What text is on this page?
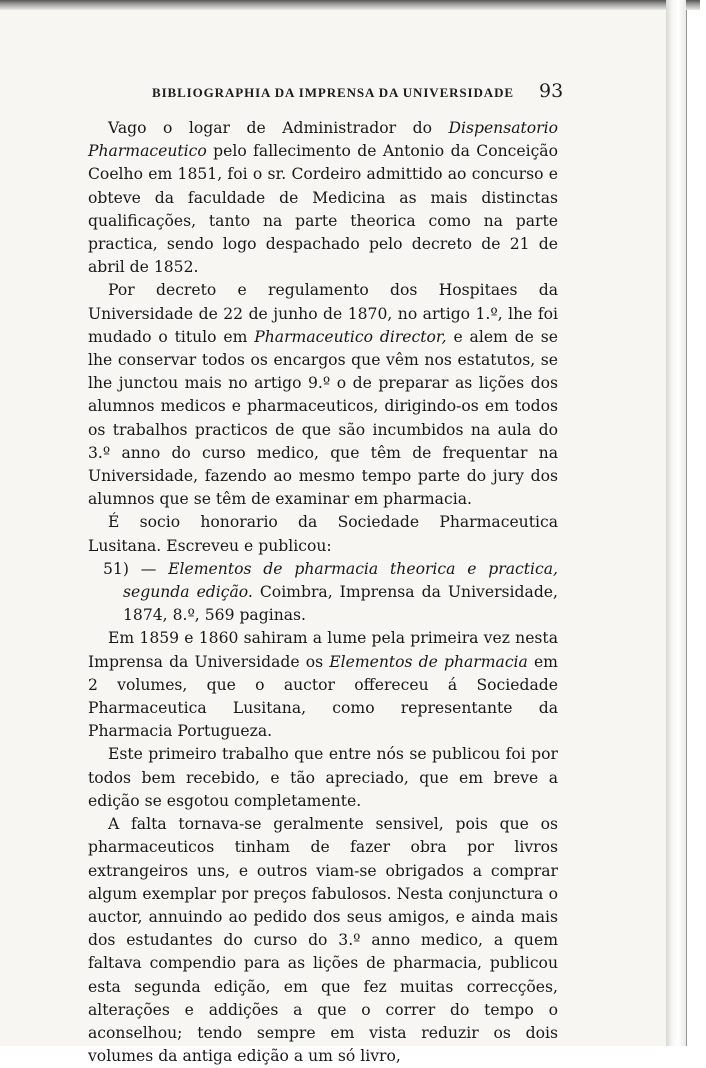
BIBLIOGRAPHIA DA IMPRENSA DA UNIVERSIDADE 93

Vago o logar de Administrador do Dispensatorio Pharmaceutico pelo fallecimento de Antonio da Conceição Coelho em 1851, foi o sr. Cordeiro admittido ao concurso e obteve da faculdade de Medicina as mais distinctas qualificações, tanto na parte theorica como na parte practica, sendo logo despachado pelo decreto de 21 de abril de 1852.

Por decreto e regulamento dos Hospitaes da Universidade de 22 de junho de 1870, no artigo 1.º, lhe foi mudado o titulo em Pharmaceutico director, e alem de se lhe conservar todos os encargos que vêm nos estatutos, se lhe junctou mais no artigo 9.º o de preparar as lições dos alumnos medicos e pharmaceuticos, dirigindo-os em todos os trabalhos practicos de que são incumbidos na aula do 3.º anno do curso medico, que têm de frequentar na Universidade, fazendo ao mesmo tempo parte do jury dos alumnos que se têm de examinar em pharmacia.

É socio honorario da Sociedade Pharmaceutica Lusitana. Escreveu e publicou:

51) — Elementos de pharmacia theorica e practica, segunda edição. Coimbra, Imprensa da Universidade, 1874, 8.º, 569 paginas.

Em 1859 e 1860 sahiram a lume pela primeira vez nesta Imprensa da Universidade os Elementos de pharmacia em 2 volumes, que o auctor offereceu á Sociedade Pharmaceutica Lusitana, como representante da Pharmacia Portugueza.

Este primeiro trabalho que entre nós se publicou foi por todos bem recebido, e tão apreciado, que em breve a edição se esgotou completamente.

A falta tornava-se geralmente sensivel, pois que os pharmaceuticos tinham de fazer obra por livros extrangeiros uns, e outros viam-se obrigados a comprar algum exemplar por preços fabulosos. Nesta conjunctura o auctor, annuindo ao pedido dos seus amigos, e ainda mais dos estudantes do curso do 3.º anno medico, a quem faltava compendio para as lições de pharmacia, publicou esta segunda edição, em que fez muitas correcções, alterações e addições a que o correr do tempo o aconselhou; tendo sempre em vista reduzir os dois volumes da antiga edição a um só livro,
